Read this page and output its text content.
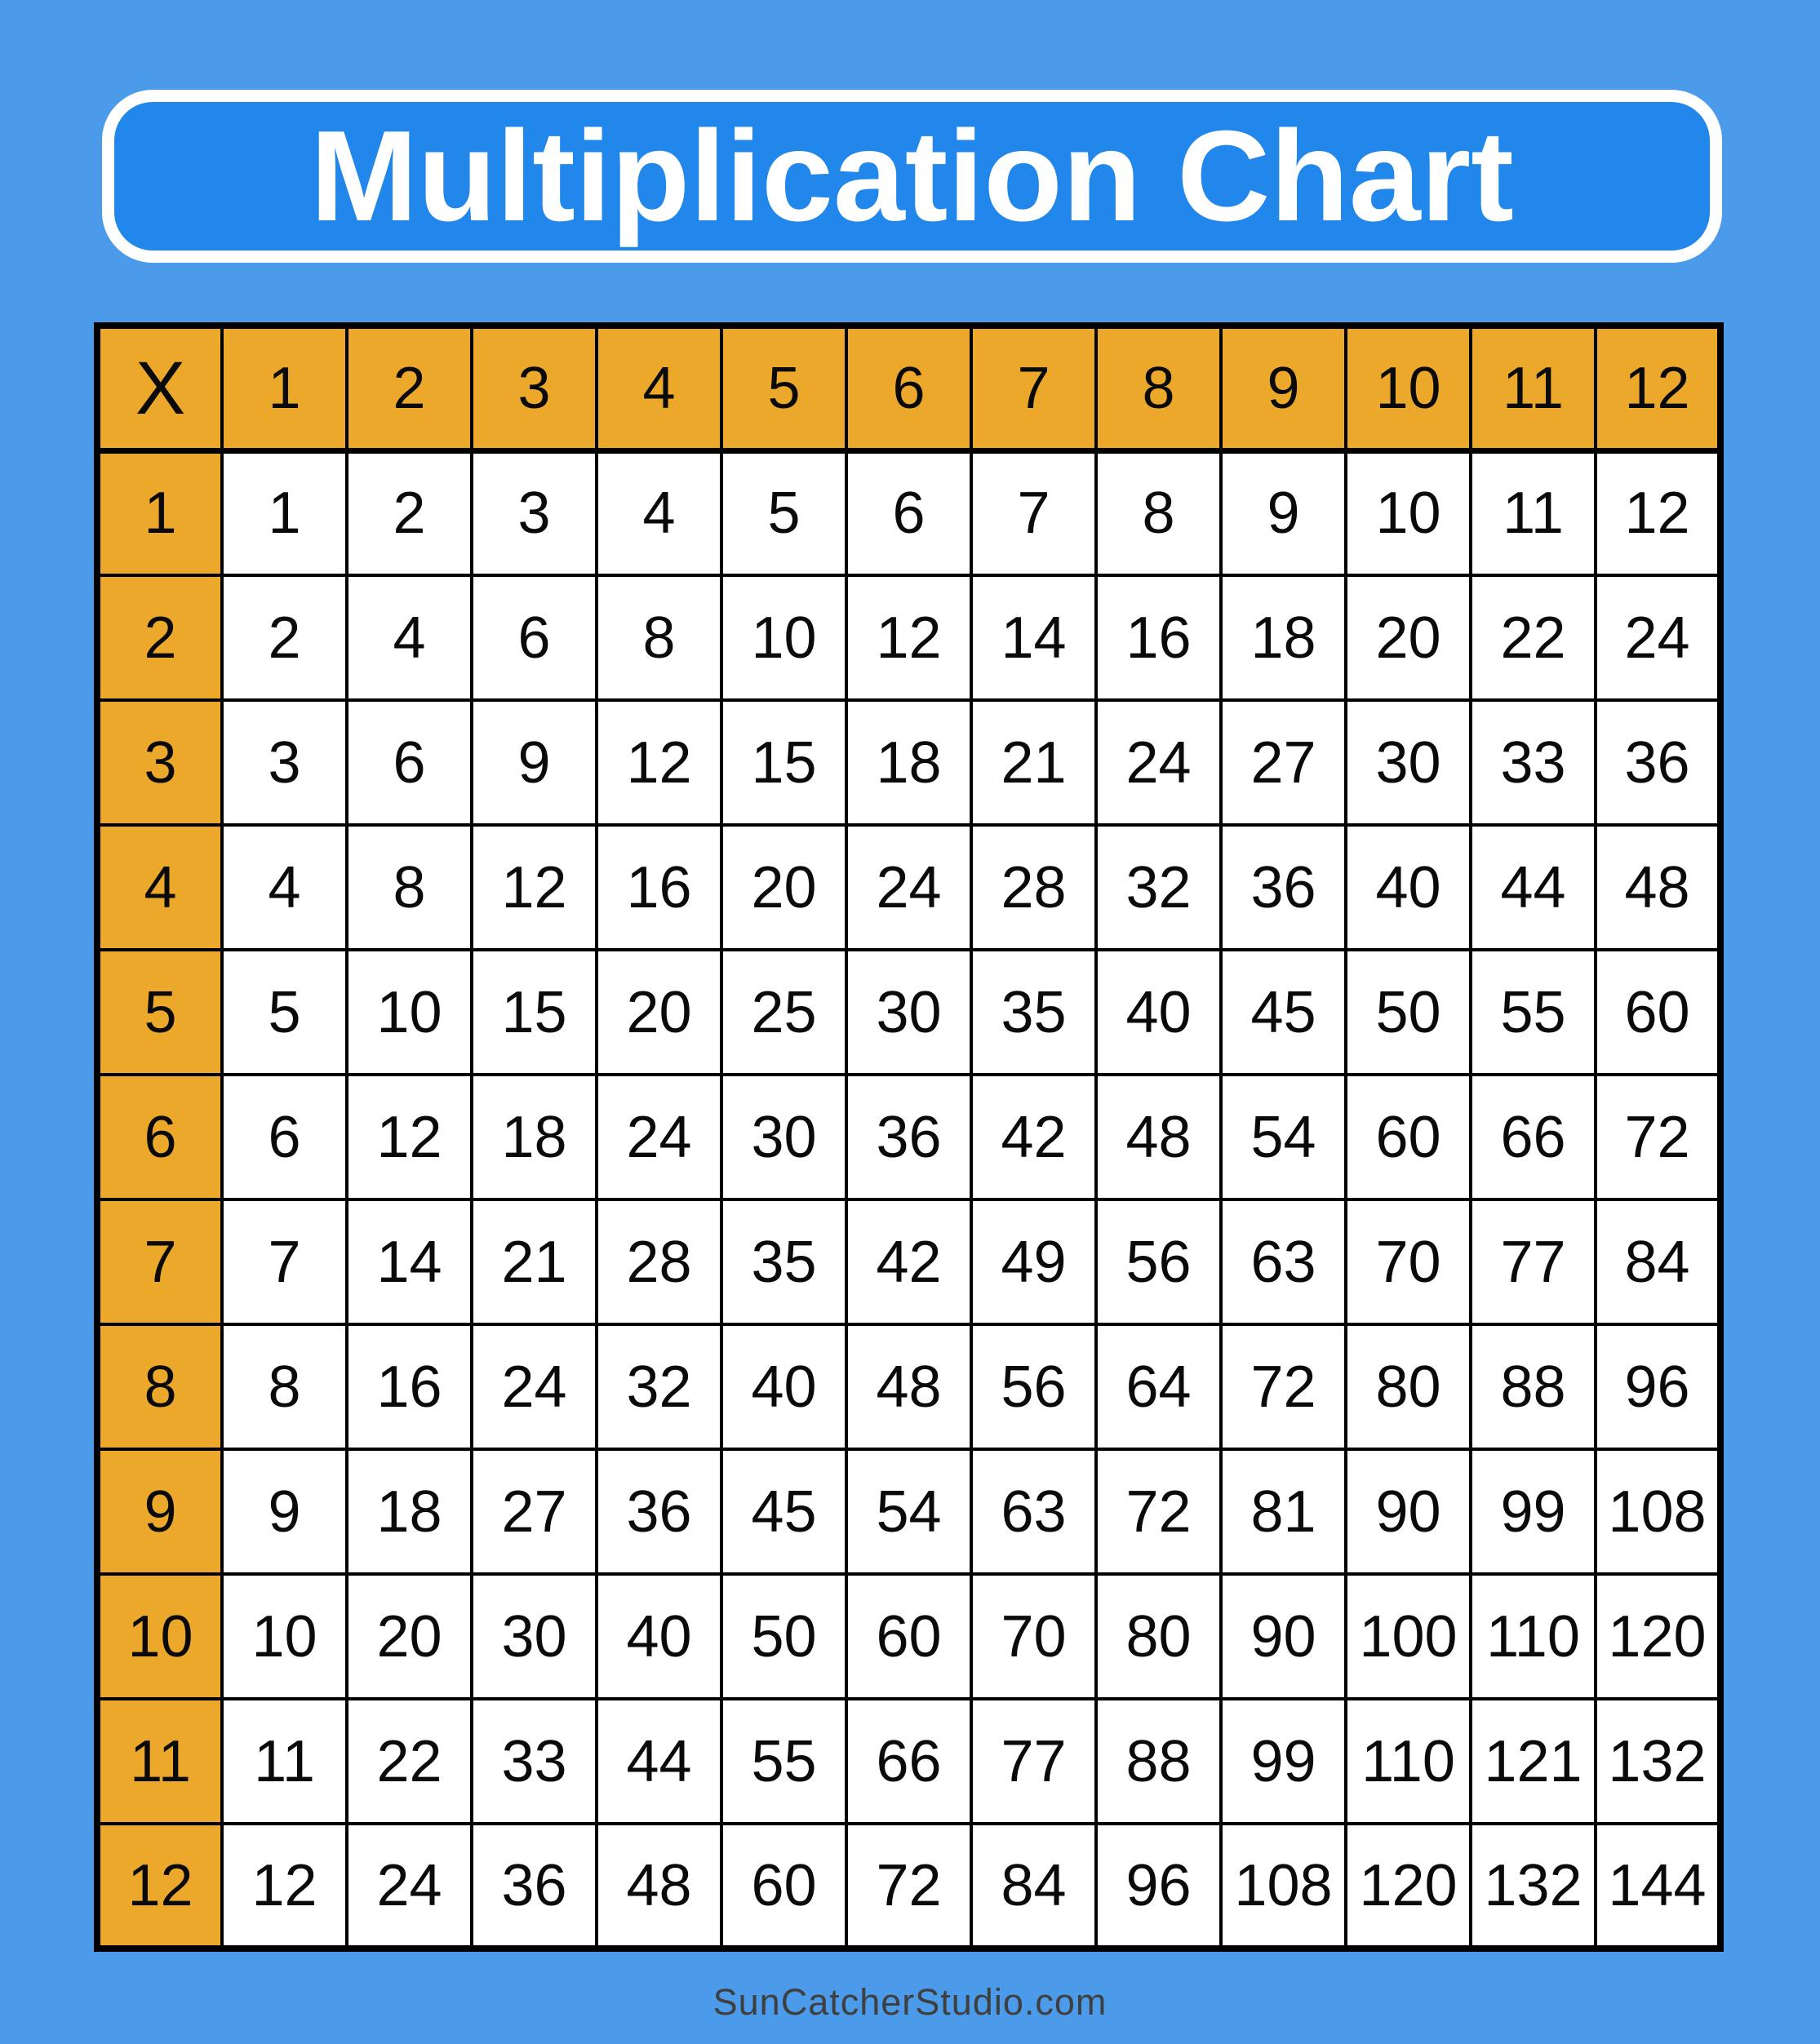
Multiplication Chart
X	1	2	3	4	5	6	7	8	9	10	11	12
1	1	2	3	4	5	6	7	8	9	10	11	12
2	2	4	6	8	10	12	14	16	18	20	22	24
3	3	6	9	12	15	18	21	24	27	30	33	36
4	4	8	12	16	20	24	28	32	36	40	44	48
5	5	10	15	20	25	30	35	40	45	50	55	60
6	6	12	18	24	30	36	42	48	54	60	66	72
7	7	14	21	28	35	42	49	56	63	70	77	84
8	8	16	24	32	40	48	56	64	72	80	88	96
9	9	18	27	36	45	54	63	72	81	90	99	108
10	10	20	30	40	50	60	70	80	90	100	110	120
11	11	22	33	44	55	66	77	88	99	110	121	132
12	12	24	36	48	60	72	84	96	108	120	132	144
SunCatcherStudio.com
